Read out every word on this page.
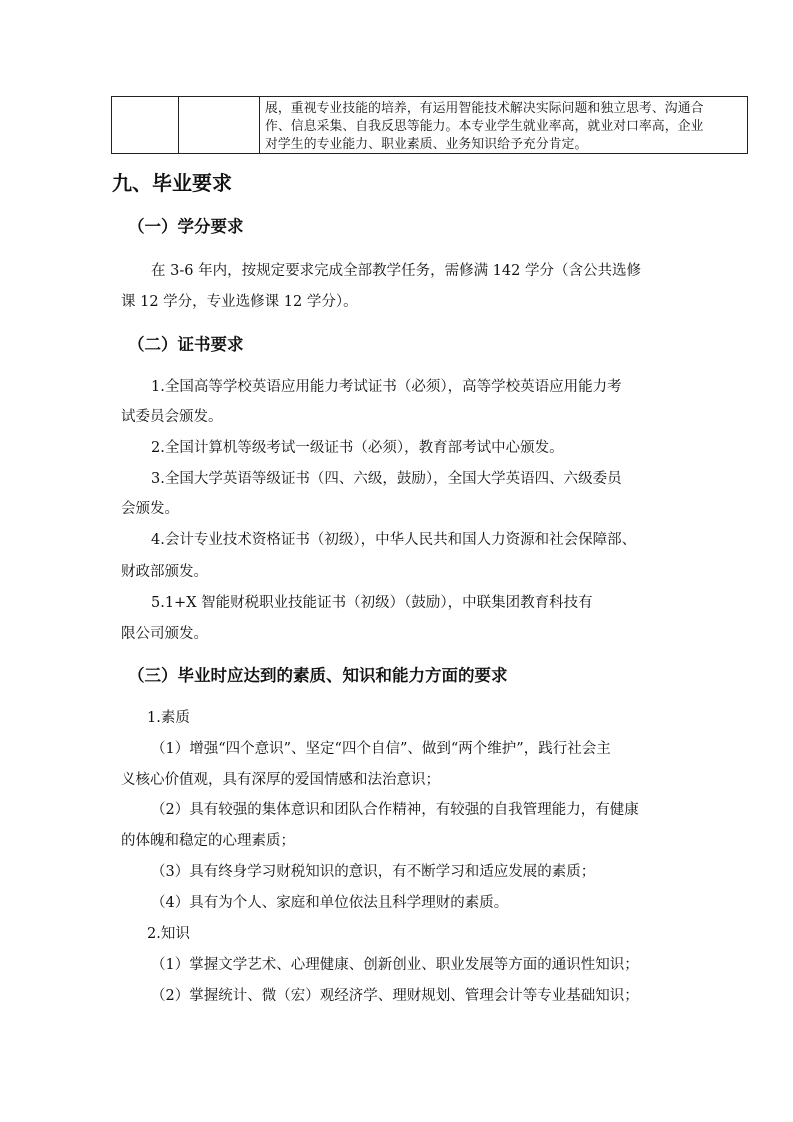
展，重视专业技能的培养，有运用智能技术解决实际问题和独立思考、沟通合
作、信息采集、自我反思等能力。本专业学生就业率高，就业对口率高，企业
对学生的专业能力、职业素质、业务知识给予充分肯定。
九、毕业要求
（一）学分要求
在 3-6 年内，按规定要求完成全部教学任务，需修满 142 学分（含公共选修
课 12 学分，专业选修课 12 学分）。
（二）证书要求
1.全国高等学校英语应用能力考试证书（必须），高等学校英语应用能力考
试委员会颁发。
2.全国计算机等级考试一级证书（必须），教育部考试中心颁发。
3.全国大学英语等级证书（四、六级，鼓励），全国大学英语四、六级委员
会颁发。
4.会计专业技术资格证书（初级），中华人民共和国人力资源和社会保障部、
财政部颁发。
5.1+X 智能财税职业技能证书（初级）（鼓励），中联集团教育科技有
限公司颁发。
（三）毕业时应达到的素质、知识和能力方面的要求
1.素质
（1）增强“四个意识”、坚定“四个自信”、做到“两个维护”，践行社会主
义核心价值观，具有深厚的爱国情感和法治意识；
（2）具有较强的集体意识和团队合作精神，有较强的自我管理能力，有健康
的体魄和稳定的心理素质；
（3）具有终身学习财税知识的意识，有不断学习和适应发展的素质；
（4）具有为个人、家庭和单位依法且科学理财的素质。
2.知识
（1）掌握文学艺术、心理健康、创新创业、职业发展等方面的通识性知识；
（2）掌握统计、微（宏）观经济学、理财规划、管理会计等专业基础知识；
